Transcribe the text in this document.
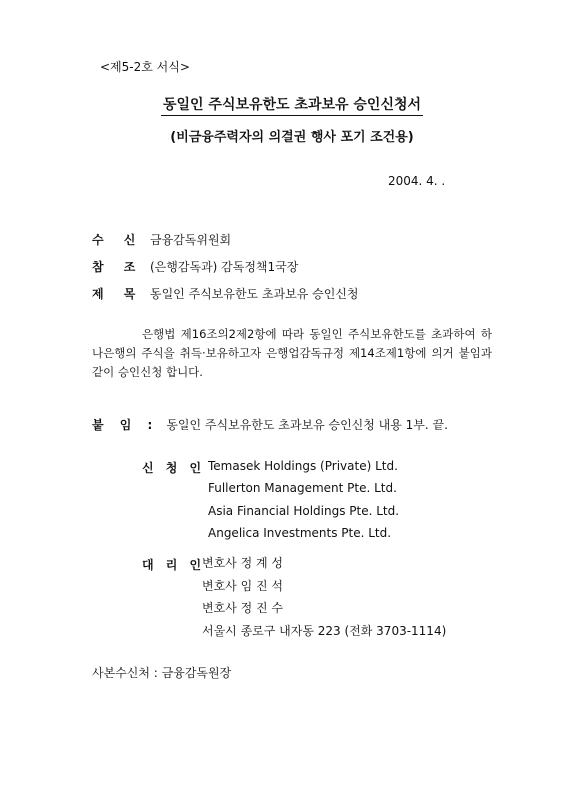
<제5-2호 서식>
동일인 주식보유한도 초과보유 승인신청서
(비금융주력자의 의결권 행사 포기 조건용)
2004. 4. .
수 신 금융감독위원회
참 조 (은행감독과) 감독정책1국장
제 목 동일인 주식보유한도 초과보유 승인신청

은행법 제16조의2제2항에 따라 동일인 주식보유한도를 초과하여 하나은행의 주식을 취득·보유하고자 은행업감독규정 제14조제1항에 의거 붙임과 같이 승인신청 합니다.

붙 임 : 동일인 주식보유한도 초과보유 승인신청 내용 1부. 끝.
신 청 인 Temasek Holdings (Private) Ltd.
Fullerton Management Pte. Ltd.
Asia Financial Holdings Pte. Ltd.
Angelica Investments Pte. Ltd.
대 리 인
변호사 정 계 성
변호사 임 진 석
변호사 정 진 수
서울시 종로구 내자동 223 (전화 3703-1114)
사본수신처 : 금융감독원장
